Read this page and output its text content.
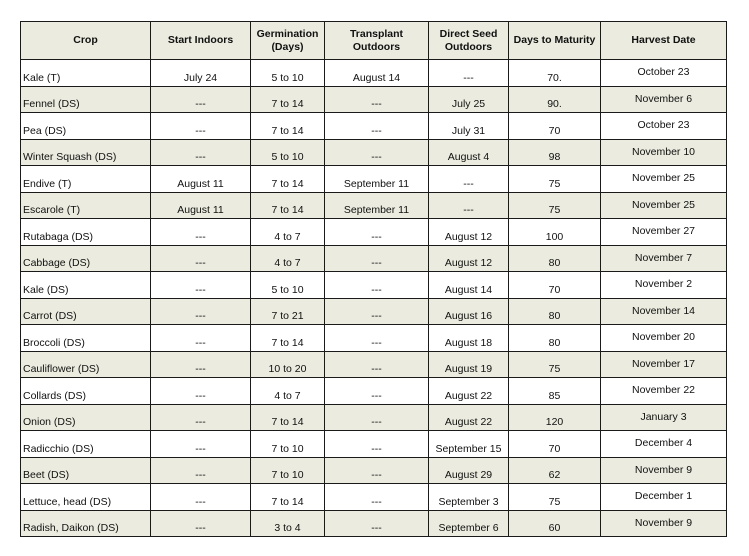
Crop	Start Indoors	Germination (Days)	Transplant Outdoors	Direct Seed Outdoors	Days to Maturity	Harvest Date
Kale (T)	July 24	5 to 10	August 14	---	70.	October 23
Fennel (DS)	---	7 to 14	---	July 25	90.	November 6
Pea (DS)	---	7 to 14	---	July 31	70	October 23
Winter Squash (DS)	---	5 to 10	---	August 4	98	November 10
Endive (T)	August 11	7 to 14	September 11	---	75	November 25
Escarole (T)	August 11	7 to 14	September 11	---	75	November 25
Rutabaga (DS)	---	4 to 7	---	August 12	100	November 27
Cabbage (DS)	---	4 to 7	---	August 12	80	November 7
Kale (DS)	---	5 to 10	---	August 14	70	November 2
Carrot (DS)	---	7 to 21	---	August 16	80	November 14
Broccoli (DS)	---	7 to 14	---	August 18	80	November 20
Cauliflower (DS)	---	10 to 20	---	August 19	75	November 17
Collards (DS)	---	4 to 7	---	August 22	85	November 22
Onion (DS)	---	7 to 14	---	August 22	120	January 3
Radicchio (DS)	---	7 to 10	---	September 15	70	December 4
Beet (DS)	---	7 to 10	---	August 29	62	November 9
Lettuce, head (DS)	---	7 to 14	---	September 3	75	December 1
Radish, Daikon (DS)	---	3 to 4	---	September 6	60	November 9
